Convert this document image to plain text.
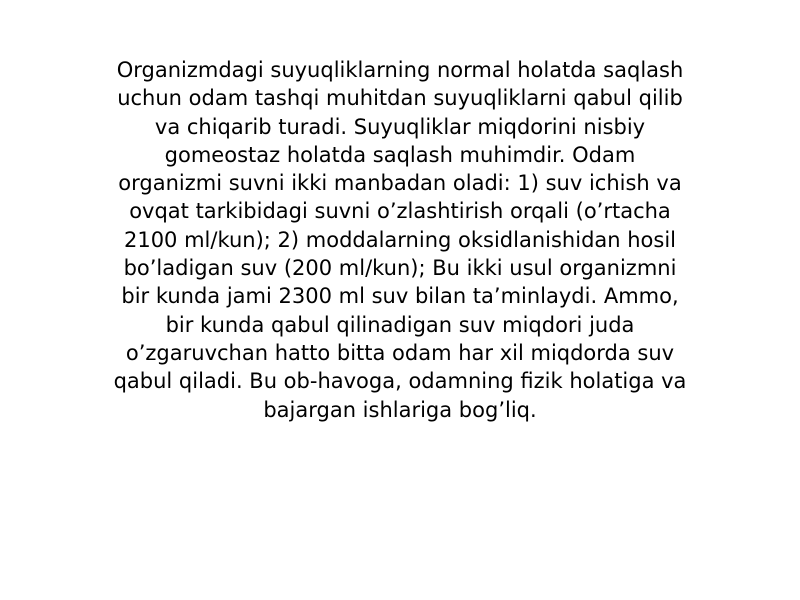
Organizmdagi suyuqliklarning normal holatda saqlash
uchun odam tashqi muhitdan suyuqliklarni qabul qilib
va chiqarib turadi. Suyuqliklar miqdorini nisbiy
gomeostaz holatda saqlash muhimdir. Odam
organizmi suvni ikki manbadan oladi: 1) suv ichish va
ovqat tarkibidagi suvni o’zlashtirish orqali (o’rtacha
2100 ml/kun); 2) moddalarning oksidlanishidan hosil
bo’ladigan suv (200 ml/kun); Bu ikki usul organizmni
bir kunda jami 2300 ml suv bilan ta’minlaydi. Ammo,
bir kunda qabul qilinadigan suv miqdori juda
o’zgaruvchan hatto bitta odam har xil miqdorda suv
qabul qiladi. Bu ob-havoga, odamning fizik holatiga va
bajargan ishlariga bog’liq.
